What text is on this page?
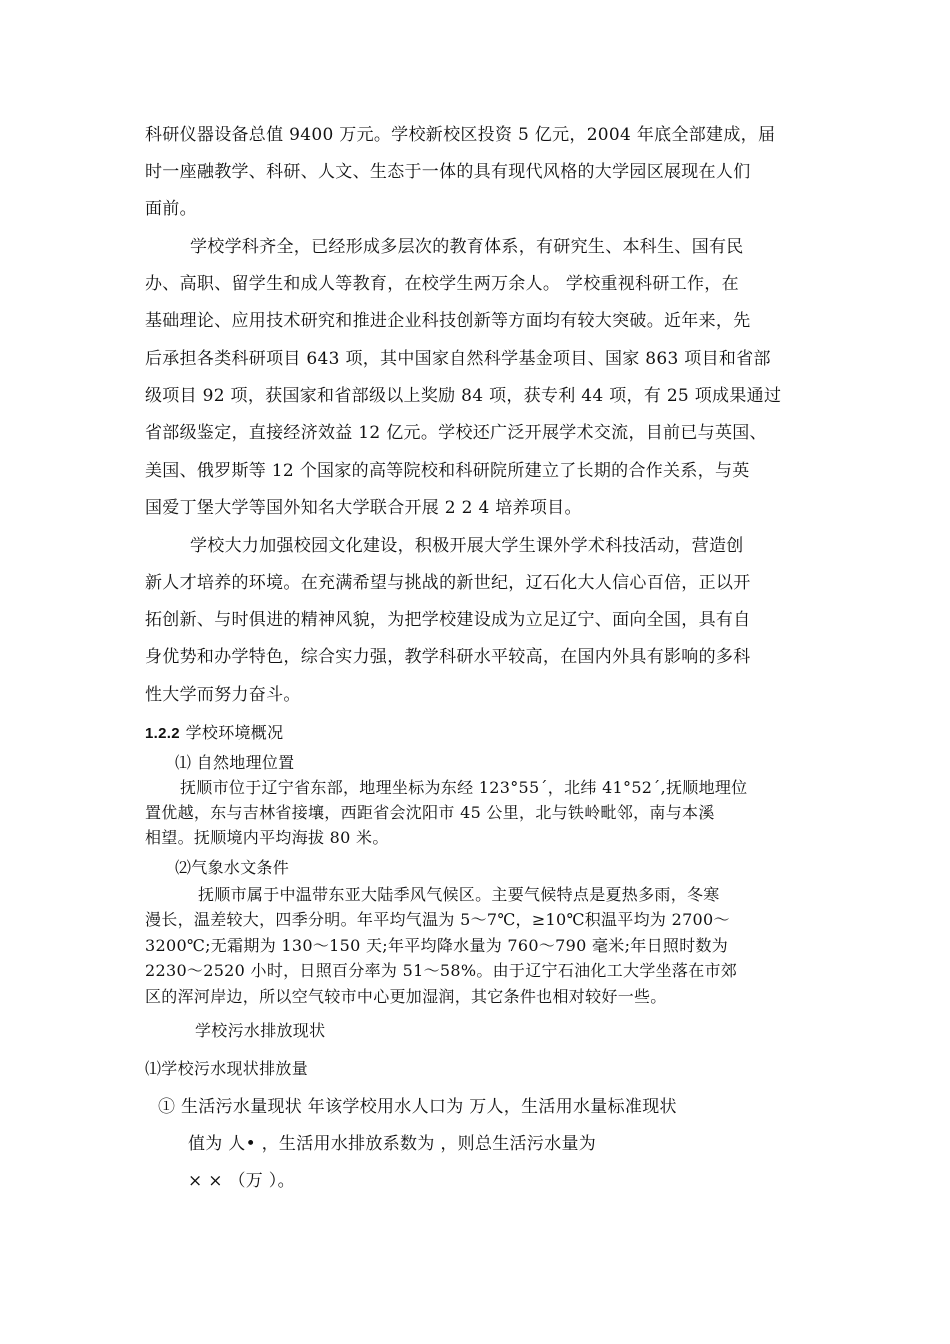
科研仪器设备总值 9400 万元。学校新校区投资 5 亿元，2004 年底全部建成，届
时一座融教学、科研、人文、生态于一体的具有现代风格的大学园区展现在人们
面前。
学校学科齐全，已经形成多层次的教育体系，有研究生、本科生、国有民
办、高职、留学生和成人等教育，在校学生两万余人。 学校重视科研工作，在
基础理论、应用技术研究和推进企业科技创新等方面均有较大突破。近年来，先
后承担各类科研项目 643 项，其中国家自然科学基金项目、国家 863 项目和省部
级项目 92 项，获国家和省部级以上奖励 84 项，获专利 44 项，有 25 项成果通过
省部级鉴定，直接经济效益 12 亿元。学校还广泛开展学术交流，目前已与英国、
美国、俄罗斯等 12 个国家的高等院校和科研院所建立了长期的合作关系，与英
国爱丁堡大学等国外知名大学联合开展 2 2 4 培养项目。
学校大力加强校园文化建设，积极开展大学生课外学术科技活动，营造创
新人才培养的环境。在充满希望与挑战的新世纪，辽石化大人信心百倍，正以开
拓创新、与时俱进的精神风貌，为把学校建设成为立足辽宁、面向全国，具有自
身优势和办学特色，综合实力强，教学科研水平较高，在国内外具有影响的多科
性大学而努力奋斗。
1.2.2 学校环境概况
⑴ 自然地理位置
抚顺市位于辽宁省东部，地理坐标为东经 123°55ˊ，北纬 41°52ˊ,抚顺地理位
置优越，东与吉林省接壤，西距省会沈阳市 45 公里，北与铁岭毗邻，南与本溪
相望。抚顺境内平均海拔 80 米。
⑵气象水文条件
抚顺市属于中温带东亚大陆季风气候区。主要气候特点是夏热多雨，冬寒
漫长，温差较大，四季分明。年平均气温为 5～7℃，≥10℃积温平均为 2700～
3200℃;无霜期为 130～150 天;年平均降水量为 760～790 毫米;年日照时数为
2230～2520 小时，日照百分率为 51～58%。由于辽宁石油化工大学坐落在市郊
区的浑河岸边，所以空气较市中心更加湿润，其它条件也相对较好一些。
学校污水排放现状
⑴学校污水现状排放量
① 生活污水量现状 年该学校用水人口为 万人，生活用水量标准现状
值为 人• ，生活用水排放系数为 ，则总生活污水量为
× × （万 ）。
